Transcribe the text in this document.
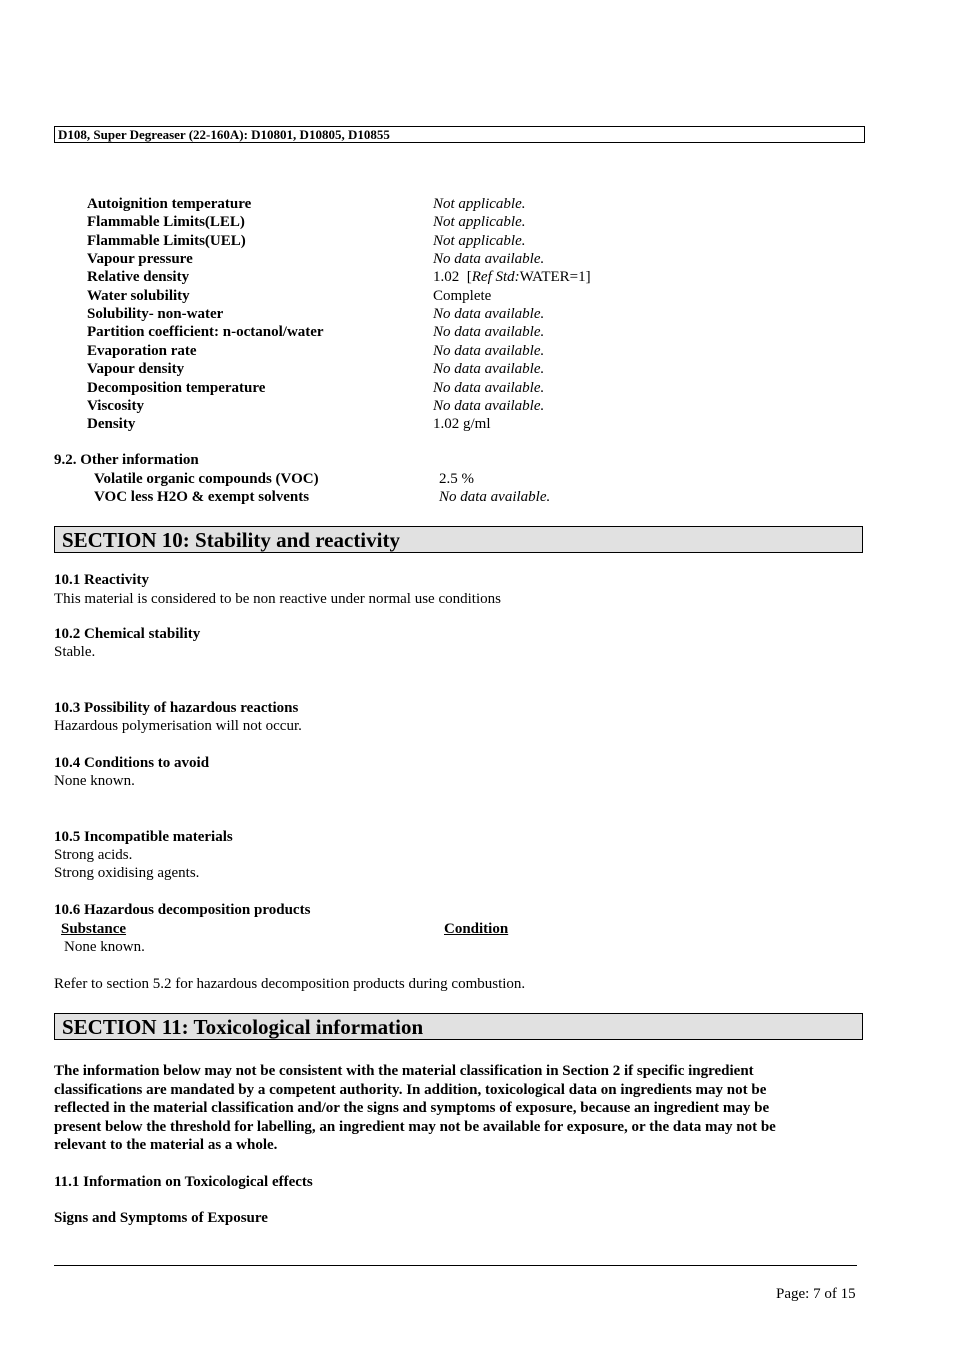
D108, Super Degreaser (22-160A): D10801, D10805, D10855
Autoignition temperature	Not applicable.
Flammable Limits(LEL)	Not applicable.
Flammable Limits(UEL)	Not applicable.
Vapour pressure	No data available.
Relative density	1.02  [Ref Std:WATER=1]
Water solubility	Complete
Solubility- non-water	No data available.
Partition coefficient: n-octanol/water	No data available.
Evaporation rate	No data available.
Vapour density	No data available.
Decomposition temperature	No data available.
Viscosity	No data available.
Density	1.02 g/ml
9.2. Other information
Volatile organic compounds (VOC)	2.5 %
VOC less H2O & exempt solvents	No data available.
SECTION 10: Stability and reactivity
10.1 Reactivity
This material is considered to be non reactive under normal use conditions
10.2 Chemical stability
Stable.
10.3 Possibility of hazardous reactions
Hazardous polymerisation will not occur.
10.4 Conditions to avoid
None known.
10.5 Incompatible materials
Strong acids.
Strong oxidising agents.
10.6 Hazardous decomposition products
Substance	Condition
None known.
Refer to section 5.2 for hazardous decomposition products during combustion.
SECTION 11: Toxicological information
The information below may not be consistent with the material classification in Section 2 if specific ingredient
classifications are mandated by a competent authority. In addition, toxicological data on ingredients may not be
reflected in the material classification and/or the signs and symptoms of exposure, because an ingredient may be
present below the threshold for labelling, an ingredient may not be available for exposure, or the data may not be
relevant to the material as a whole.
11.1 Information on Toxicological effects
Signs and Symptoms of Exposure
Page: 7 of 15
